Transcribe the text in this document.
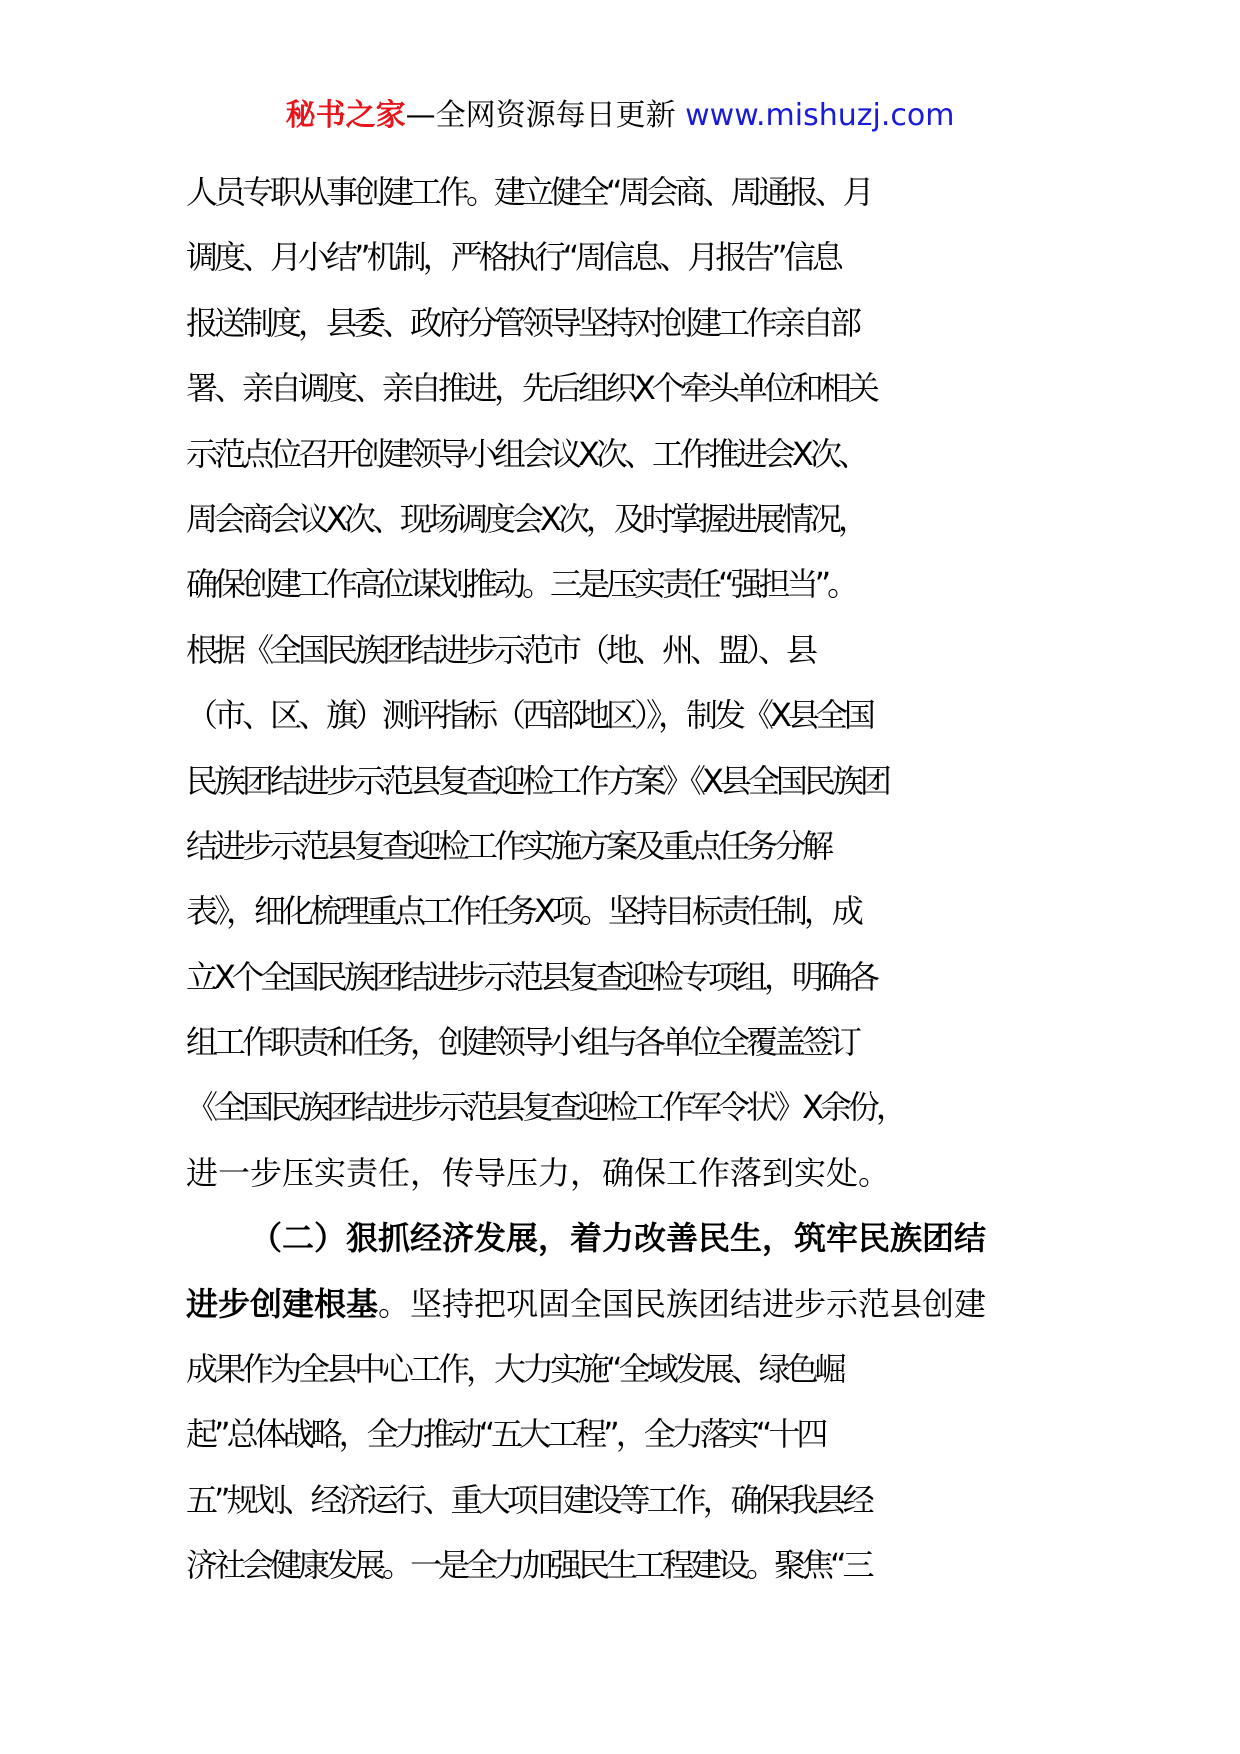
秘书之家—全网资源每日更新 www.mishuzj.com
人员专职从事创建工作。建立健全“周会商、周通报、月
调度、月小结”机制，严格执行“周信息、月报告”信息
报送制度，县委、政府分管领导坚持对创建工作亲自部
署、亲自调度、亲自推进，先后组织X个牵头单位和相关
示范点位召开创建领导小组会议X次、工作推进会X次、
周会商会议X次、现场调度会X次，及时掌握进展情况，
确保创建工作高位谋划推动。三是压实责任“强担当”。
根据《全国民族团结进步示范市（地、州、盟）、县
（市、区、旗）测评指标（西部地区）》，制发《X县全国
民族团结进步示范县复查迎检工作方案》《X县全国民族团
结进步示范县复查迎检工作实施方案及重点任务分解
表》，细化梳理重点工作任务X项。坚持目标责任制，成
立X个全国民族团结进步示范县复查迎检专项组，明确各
组工作职责和任务，创建领导小组与各单位全覆盖签订
《全国民族团结进步示范县复查迎检工作军令状》X余份，
进一步压实责任，传导压力，确保工作落到实处。
（二）狠抓经济发展，着力改善民生，筑牢民族团结
进步创建根基。坚持把巩固全国民族团结进步示范县创建
成果作为全县中心工作，大力实施“全域发展、绿色崛
起”总体战略，全力推动“五大工程”，全力落实“十四
五”规划、经济运行、重大项目建设等工作，确保我县经
济社会健康发展。一是全力加强民生工程建设。聚焦“三
